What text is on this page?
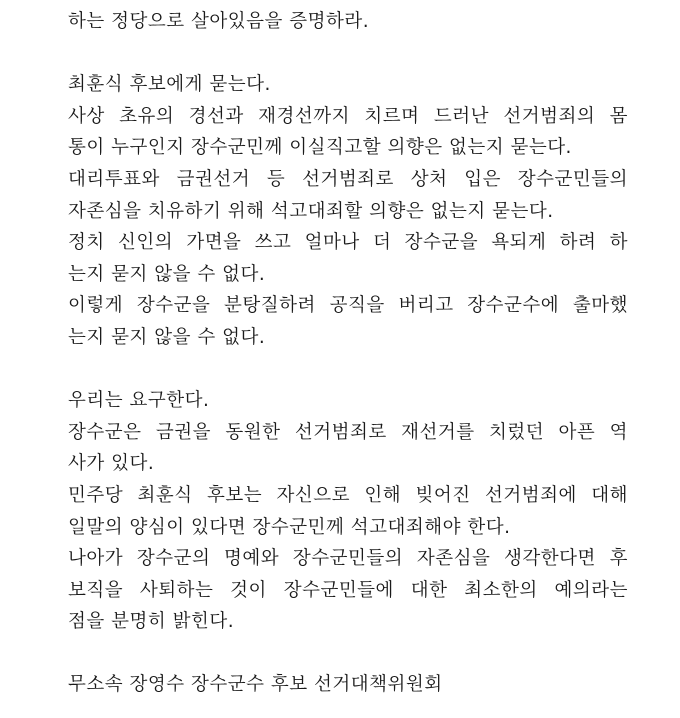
하는 정당으로 살아있음을 증명하라.
최훈식 후보에게 묻는다.
사상 초유의 경선과 재경선까지 치르며 드러난 선거범죄의 몸
통이 누구인지 장수군민께 이실직고할 의향은 없는지 묻는다.
대리투표와 금권선거 등 선거범죄로 상처 입은 장수군민들의
자존심을 치유하기 위해 석고대죄할 의향은 없는지 묻는다.
정치 신인의 가면을 쓰고 얼마나 더 장수군을 욕되게 하려 하
는지 묻지 않을 수 없다.
이렇게 장수군을 분탕질하려 공직을 버리고 장수군수에 출마했
는지 묻지 않을 수 없다.
우리는 요구한다.
장수군은 금권을 동원한 선거범죄로 재선거를 치렀던 아픈 역
사가 있다.
민주당 최훈식 후보는 자신으로 인해 빚어진 선거범죄에 대해
일말의 양심이 있다면 장수군민께 석고대죄해야 한다.
나아가 장수군의 명예와 장수군민들의 자존심을 생각한다면 후
보직을 사퇴하는 것이 장수군민들에 대한 최소한의 예의라는
점을 분명히 밝힌다.
무소속 장영수 장수군수 후보 선거대책위원회
